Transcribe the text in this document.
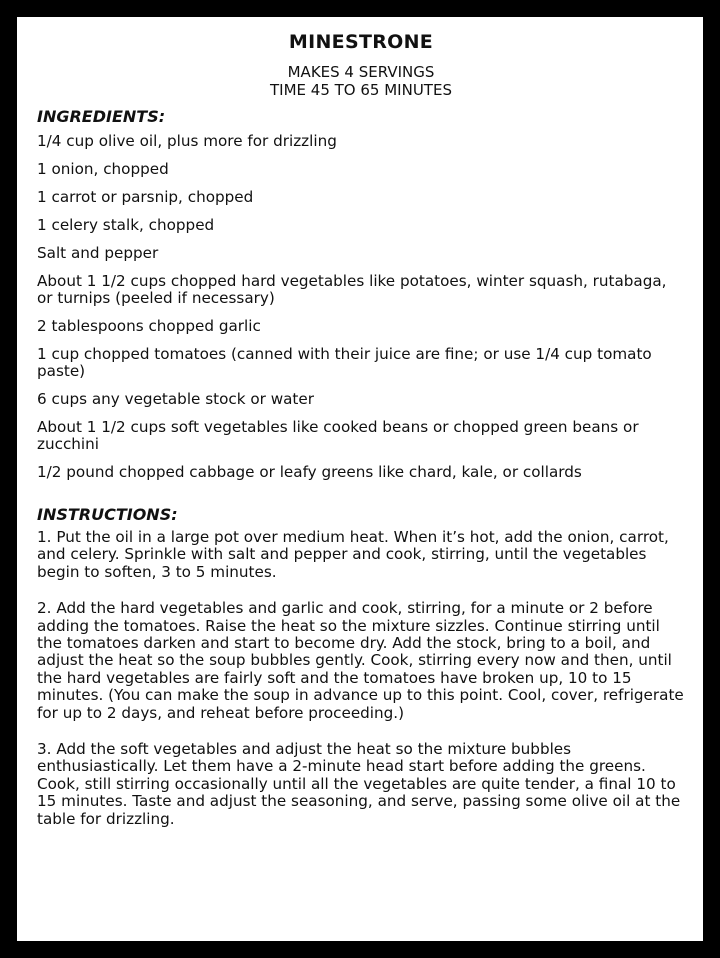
MINESTRONE
MAKES 4 SERVINGS
TIME 45 TO 65 MINUTES
INGREDIENTS:
1/4 cup olive oil, plus more for drizzling
1 onion, chopped
1 carrot or parsnip, chopped
1 celery stalk, chopped
Salt and pepper
About 1 1/2 cups chopped hard vegetables like potatoes, winter squash, rutabaga, or turnips (peeled if necessary)
2 tablespoons chopped garlic
1 cup chopped tomatoes (canned with their juice are fine; or use 1/4 cup tomato paste)
6 cups any vegetable stock or water
About 1 1/2 cups soft vegetables like cooked beans or chopped green beans or zucchini
1/2 pound chopped cabbage or leafy greens like chard, kale, or collards
INSTRUCTIONS:
1. Put the oil in a large pot over medium heat. When it’s hot, add the onion, carrot, and celery. Sprinkle with salt and pepper and cook, stirring, until the vegetables begin to soften, 3 to 5 minutes.
2. Add the hard vegetables and garlic and cook, stirring, for a minute or 2 before adding the tomatoes. Raise the heat so the mixture sizzles. Continue stirring until the tomatoes darken and start to become dry. Add the stock, bring to a boil, and adjust the heat so the soup bubbles gently. Cook, stirring every now and then, until the hard vegetables are fairly soft and the tomatoes have broken up, 10 to 15 minutes. (You can make the soup in advance up to this point. Cool, cover, refrigerate for up to 2 days, and reheat before proceeding.)
3. Add the soft vegetables and adjust the heat so the mixture bubbles enthusiastically. Let them have a 2-minute head start before adding the greens. Cook, still stirring occasionally until all the vegetables are quite tender, a final 10 to 15 minutes. Taste and adjust the seasoning, and serve, passing some olive oil at the table for drizzling.
